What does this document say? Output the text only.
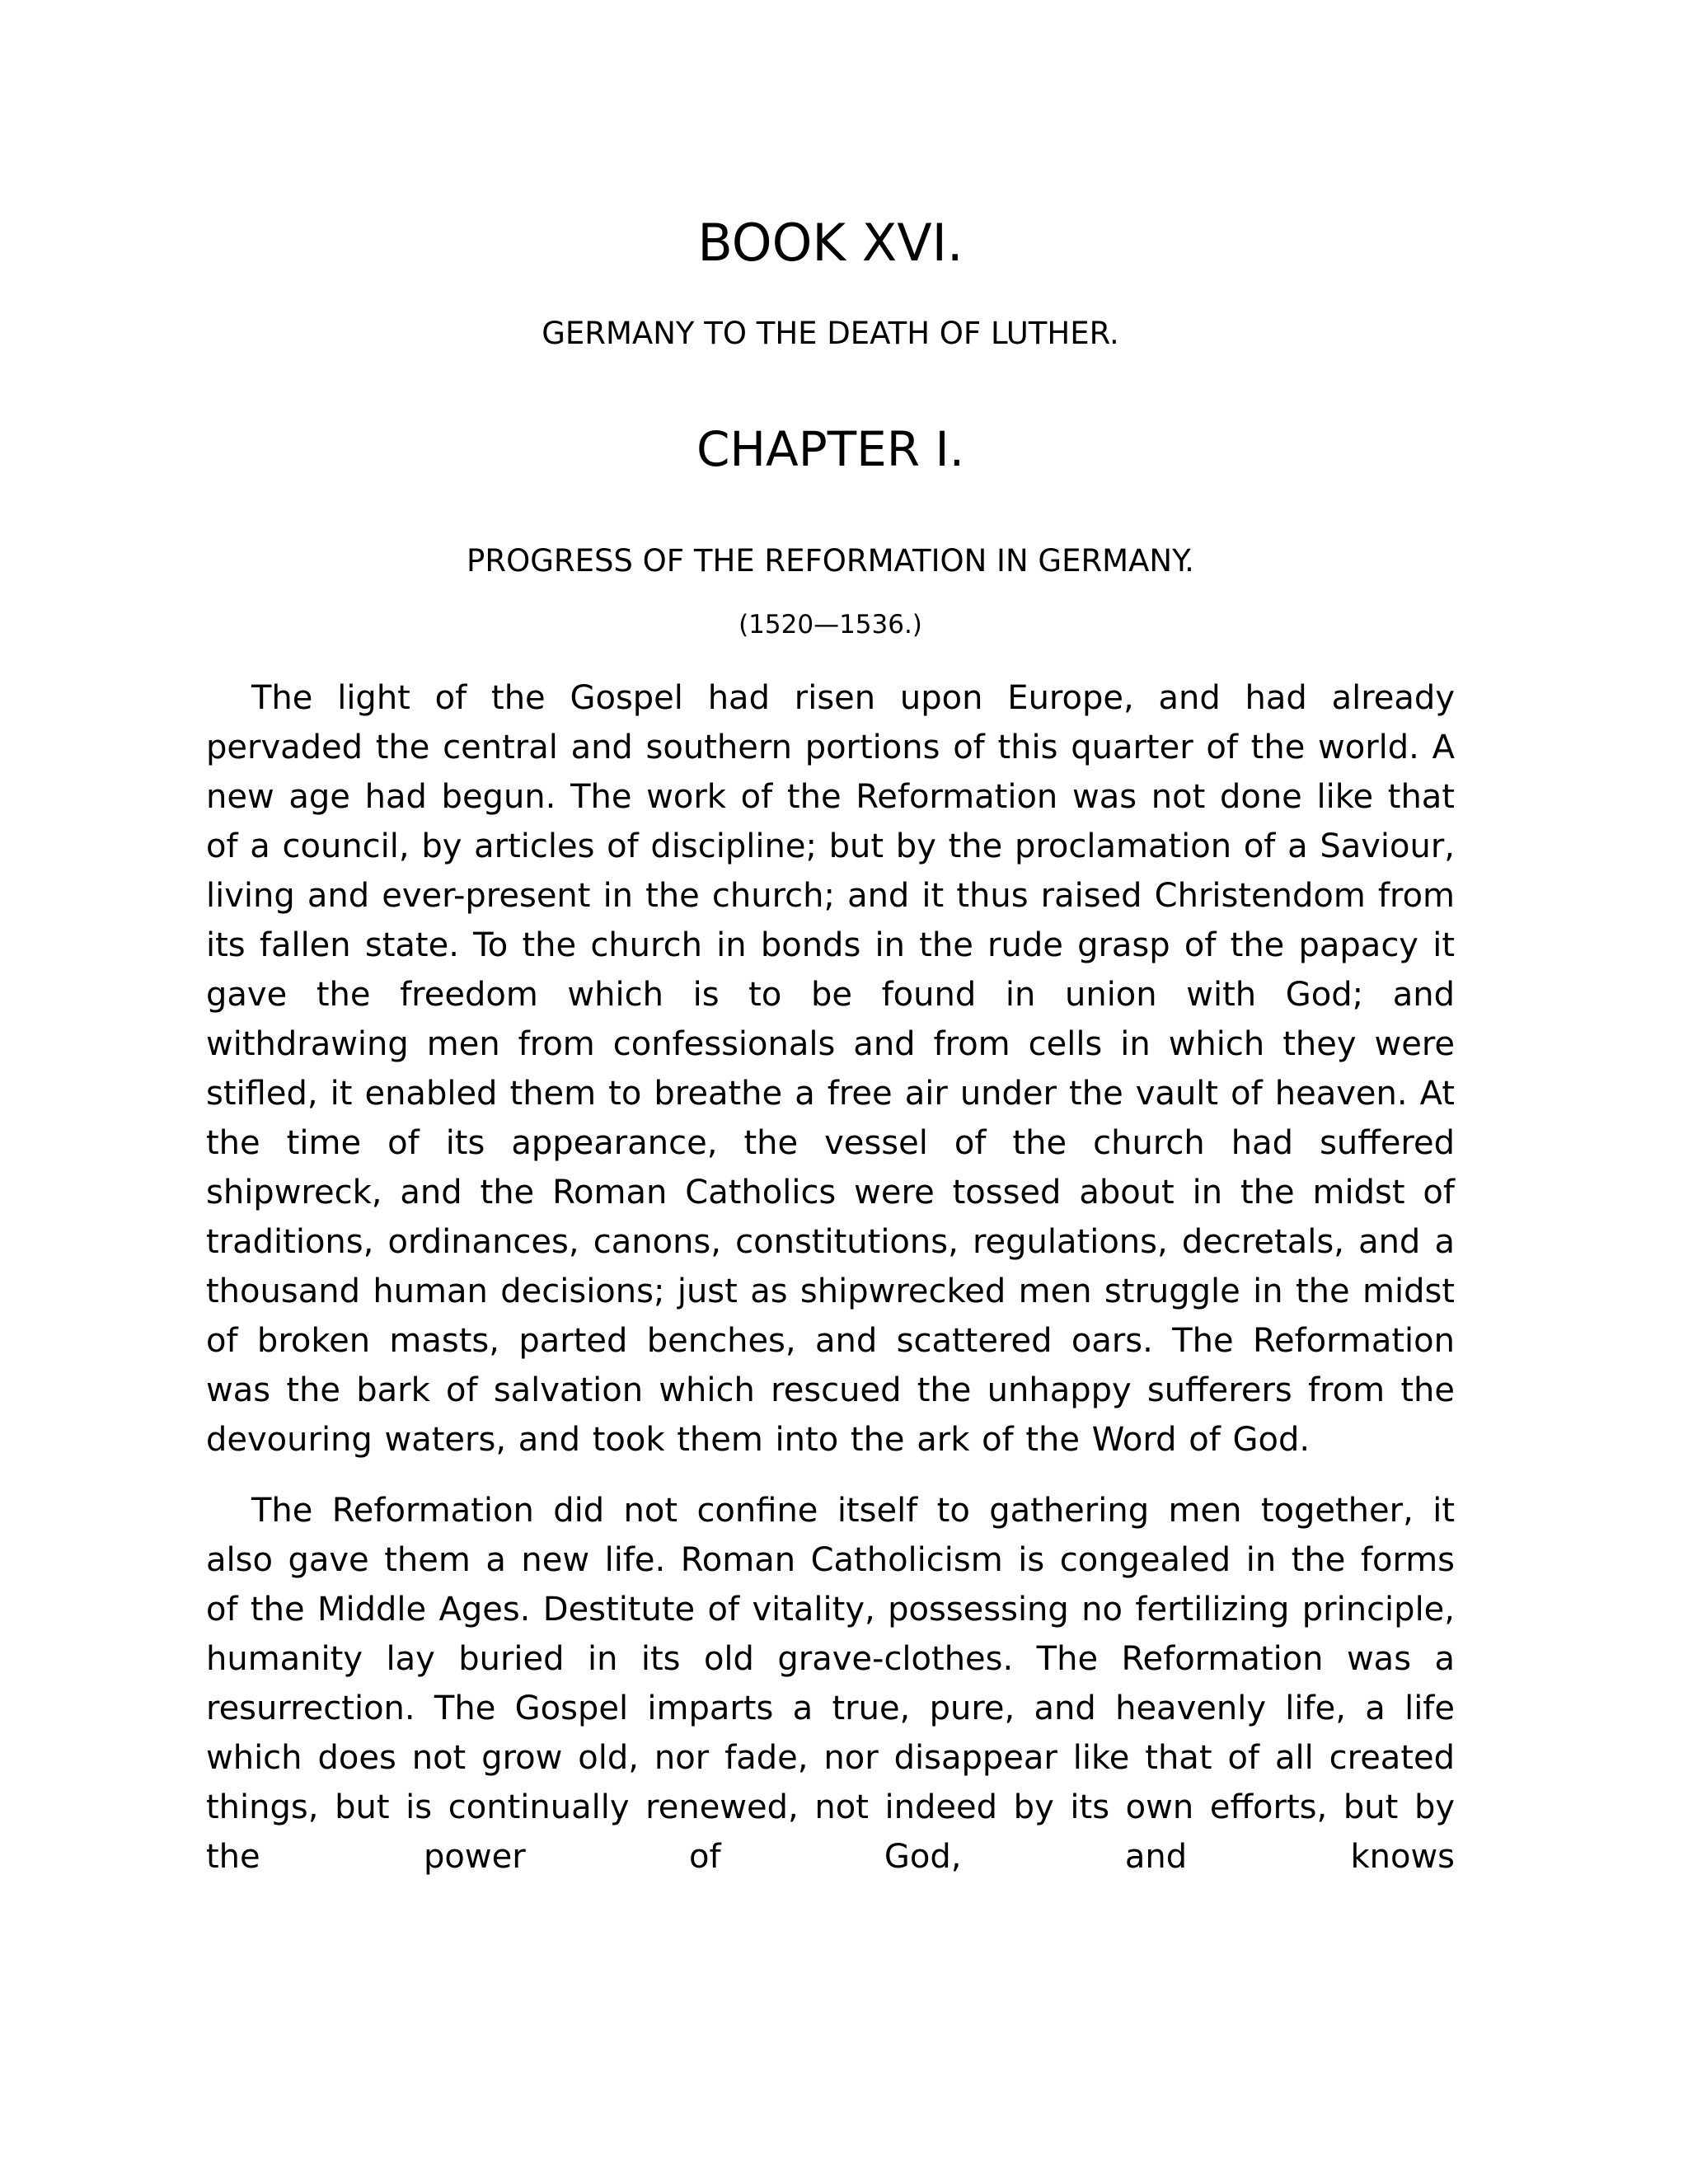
BOOK XVI.
GERMANY TO THE DEATH OF LUTHER.
CHAPTER I.
PROGRESS OF THE REFORMATION IN GERMANY.
(1520—1536.)

The light of the Gospel had risen upon Europe, and had already pervaded the central and southern portions of this quarter of the world. A new age had begun. The work of the Reformation was not done like that of a council, by articles of discipline; but by the proclamation of a Saviour, living and ever-present in the church; and it thus raised Christendom from its fallen state. To the church in bonds in the rude grasp of the papacy it gave the freedom which is to be found in union with God; and withdrawing men from confessionals and from cells in which they were stifled, it enabled them to breathe a free air under the vault of heaven. At the time of its appearance, the vessel of the church had suffered shipwreck, and the Roman Catholics were tossed about in the midst of traditions, ordinances, canons, constitutions, regulations, decretals, and a thousand human decisions; just as shipwrecked men struggle in the midst of broken masts, parted benches, and scattered oars. The Reformation was the bark of salvation which rescued the unhappy sufferers from the devouring waters, and took them into the ark of the Word of God.

The Reformation did not confine itself to gathering men together, it also gave them a new life. Roman Catholicism is congealed in the forms of the Middle Ages. Destitute of vitality, possessing no fertilizing principle, humanity lay buried in its old grave-clothes. The Reformation was a resurrection. The Gospel imparts a true, pure, and heavenly life, a life which does not grow old, nor fade, nor disappear like that of all created things, but is continually renewed, not indeed by its own efforts, but by the power of God, and knows
